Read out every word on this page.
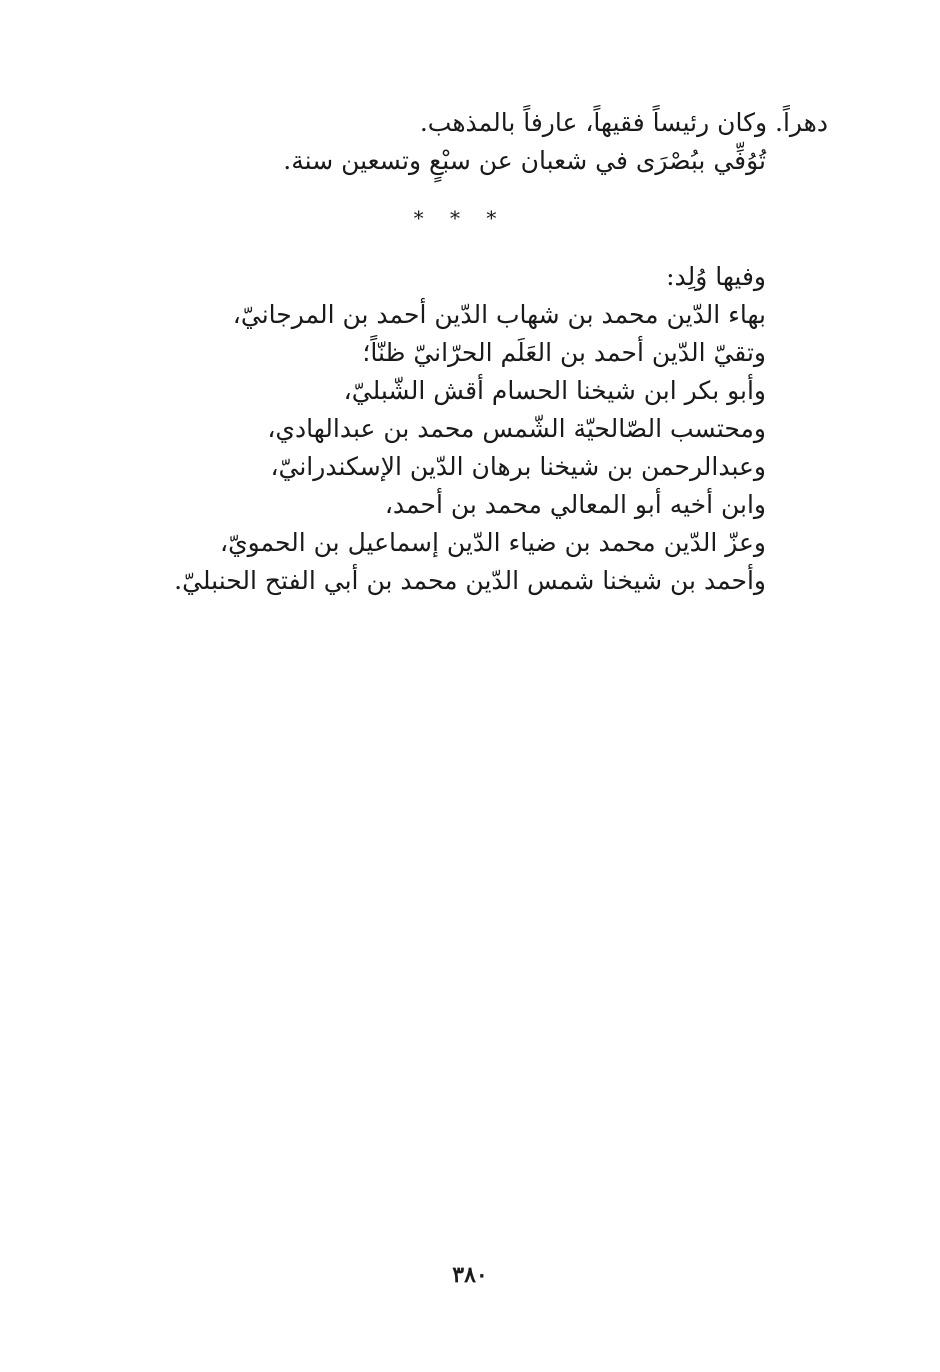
دهراً. وكان رئيساً فقيهاً، عارفاً بالمذهب.
تُوُفِّي ببُصْرَى في شعبان عن سبْعٍ وتسعين سنة.
* * *
وفيها وُلِد:
بهاء الدّين محمد بن شهاب الدّين أحمد بن المرجانيّ،
وتقيّ الدّين أحمد بن العَلَم الحرّانيّ ظنّاً؛
وأبو بكر ابن شيخنا الحسام أقش الشّبليّ،
ومحتسب الصّالحيّة الشّمس محمد بن عبدالهادي،
وعبدالرحمن بن شيخنا برهان الدّين الإسكندرانيّ،
وابن أخيه أبو المعالي محمد بن أحمد،
وعزّ الدّين محمد بن ضياء الدّين إسماعيل بن الحمويّ،
وأحمد بن شيخنا شمس الدّين محمد بن أبي الفتح الحنبليّ.
٣٨٠
